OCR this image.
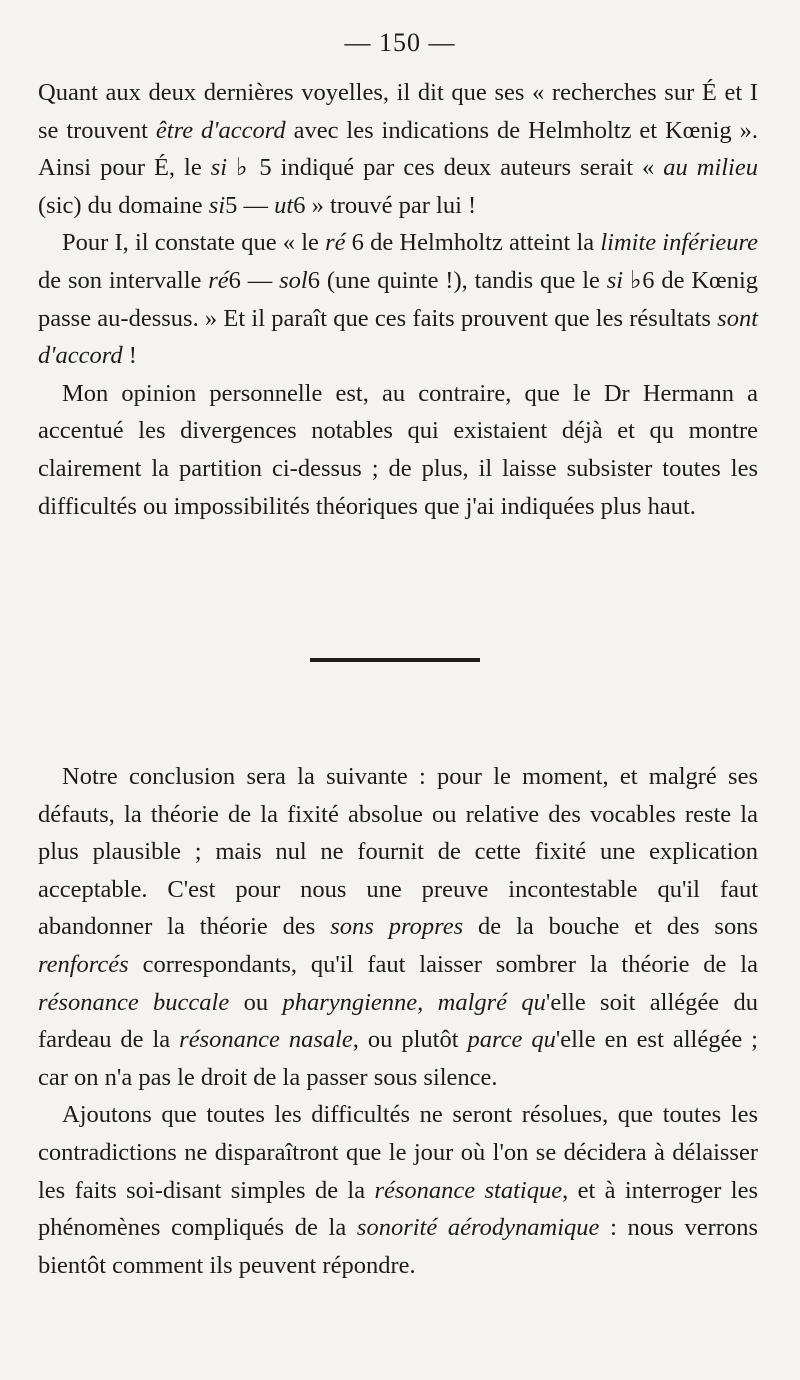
— 150 —

Quant aux deux dernières voyelles, il dit que ses « recherches sur É et I se trouvent être d'accord avec les indications de Helmholtz et Kœnig ». Ainsi pour É, le si ♭ 5 indiqué par ces deux auteurs serait « au milieu (sic) du domaine si5 — ut6 » trouvé par lui !

Pour I, il constate que « le ré 6 de Helmholtz atteint la limite inférieure de son intervalle ré6 — sol6 (une quinte !), tandis que le si ♭6 de Kœnig passe au-dessus. » Et il paraît que ces faits prouvent que les résultats sont d'accord !

Mon opinion personnelle est, au contraire, que le Dr Hermann a accentué les divergences notables qui existaient déjà et qu montre clairement la partition ci-dessus ; de plus, il laisse subsister toutes les difficultés ou impossibilités théoriques que j'ai indiquées plus haut.

Notre conclusion sera la suivante : pour le moment, et malgré ses défauts, la théorie de la fixité absolue ou relative des vocables reste la plus plausible ; mais nul ne fournit de cette fixité une explication acceptable. C'est pour nous une preuve incontestable qu'il faut abandonner la théorie des sons propres de la bouche et des sons renforcés correspondants, qu'il faut laisser sombrer la théorie de la résonance buccale ou pharyngienne, malgré qu'elle soit allégée du fardeau de la résonance nasale, ou plutôt parce qu'elle en est allégée ; car on n'a pas le droit de la passer sous silence.

Ajoutons que toutes les difficultés ne seront résolues, que toutes les contradictions ne disparaîtront que le jour où l'on se décidera à délaisser les faits soi-disant simples de la résonance statique, et à interroger les phénomènes compliqués de la sonorité aérodynamique : nous verrons bientôt comment ils peuvent répondre.
